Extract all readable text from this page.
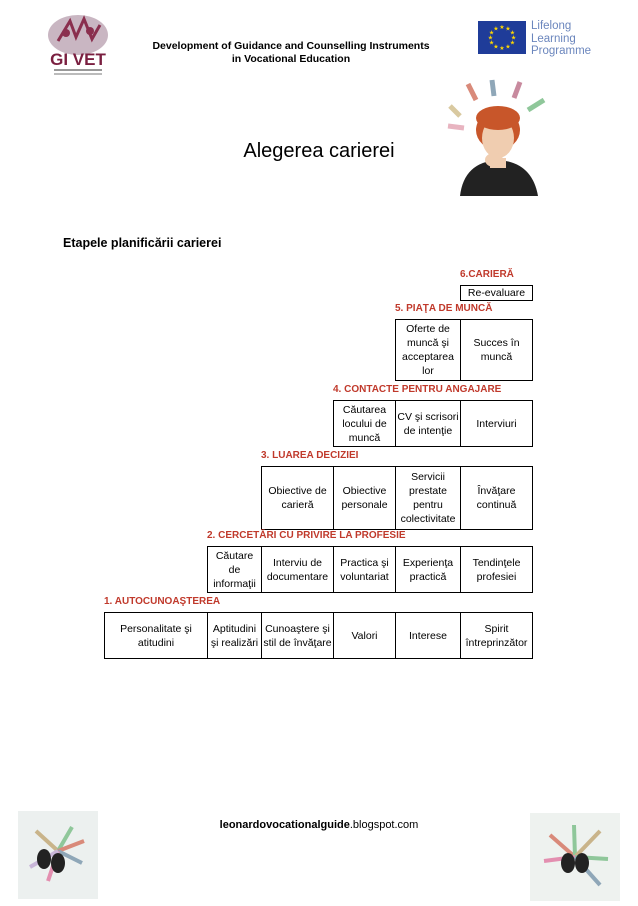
GI VET
Development of Guidance and Counselling Instruments
in Vocational Education
★ ★
★
★
★
★
★
★
★
★
★
★	Lifelong
Learning
Programme
Alegerea carierei
Etapele planificării carierei
6.CARIERĂ
Re-evaluare
5. PIAŢA DE MUNCĂ
Oferte de muncă şi acceptarea lor
Succes în muncă
4. CONTACTE PENTRU ANGAJARE
Căutarea locului de muncă
CV şi scrisori de intenţie
Interviuri
3. LUAREA DECIZIEI
Obiective de carieră
Obiective personale
Servicii prestate pentru colectivitate
Învăţare continuă
2. CERCETĂRI CU PRIVIRE LA PROFESIE
Căutare de informaţii
Interviu de documentare
Practica şi voluntariat
Experienţa practică
Tendinţele profesiei
1. AUTOCUNOAŞTEREA
Personalitate şi atitudini
Aptitudini şi realizări
Cunoaştere şi stil de învăţare
Valori	Interese
Spirit întreprinzător
leonardovocationalguide.blogspot.com
